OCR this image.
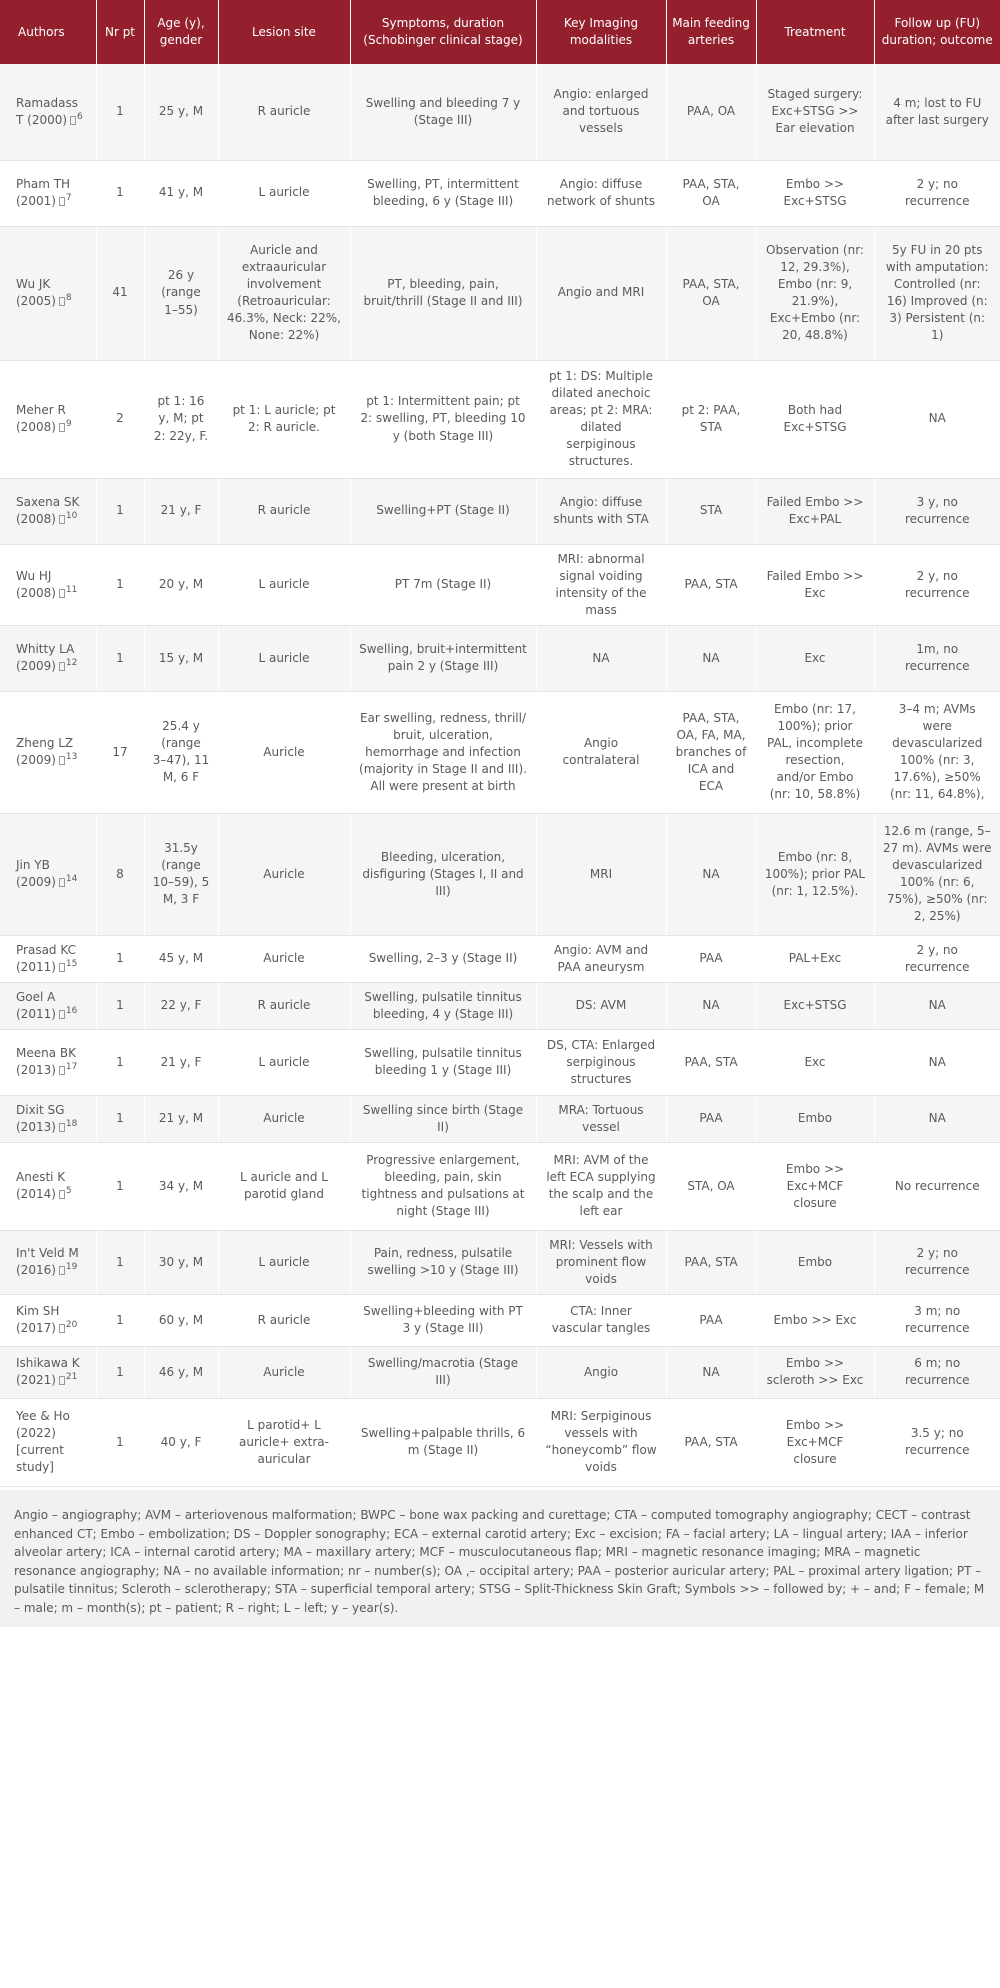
Authors	Nr pt	Age (y), gender	Lesion site	Symptoms, duration (Schobinger clinical stage)	Key Imaging modalities	Main feeding arteries	Treatment	Follow up (FU) duration; outcome
Ramadass T (2000) $^6$	1	25 y, M	R auricle	Swelling and bleeding 7 y (Stage III)	Angio: enlarged and tortuous vessels	PAA, OA	Staged surgery: Exc+STSG >> Ear elevation	4 m; lost to FU after last surgery
Pham TH (2001) $^7$	1	41 y, M	L auricle	Swelling, PT, intermittent bleeding, 6 y (Stage III)	Angio: diffuse network of shunts	PAA, STA, OA	Embo >> Exc+STSG	2 y; no recurrence
Wu JK (2005) $^8$	41	26 y (range 1–55)	Auricle and extraauricular involvement (Retroauricular: 46.3%, Neck: 22%, None: 22%)	PT, bleeding, pain, bruit/thrill (Stage II and III)	Angio and MRI	PAA, STA, OA	Observation (nr: 12, 29.3%), Embo (nr: 9, 21.9%), Exc+Embo (nr: 20, 48.8%)	5y FU in 20 pts with amputation: Controlled (nr: 16) Improved (n: 3) Persistent (n: 1)
Meher R (2008) $^9$	2	pt 1: 16 y, M; pt 2: 22y, F.	pt 1: L auricle; pt 2: R auricle.	pt 1: Intermittent pain; pt 2: swelling, PT, bleeding 10 y (both Stage III)	pt 1: DS: Multiple dilated anechoic areas; pt 2: MRA: dilated serpiginous structures.	pt 2: PAA, STA	Both had Exc+STSG	NA
Saxena SK (2008) $^{10}$	1	21 y, F	R auricle	Swelling+PT (Stage II)	Angio: diffuse shunts with STA	STA	Failed Embo >> Exc+PAL	3 y, no recurrence
Wu HJ (2008) $^{11}$	1	20 y, M	L auricle	PT 7m (Stage II)	MRI: abnormal signal voiding intensity of the mass	PAA, STA	Failed Embo >> Exc	2 y, no recurrence
Whitty LA (2009) $^{12}$	1	15 y, M	L auricle	Swelling, bruit+intermittent pain 2 y (Stage III)	NA	NA	Exc	1m, no recurrence
Zheng LZ (2009) $^{13}$	17	25.4 y (range 3–47), 11 M, 6 F	Auricle	Ear swelling, redness, thrill/ bruit, ulceration, hemorrhage and infection (majority in Stage II and III). All were present at birth	Angio contralateral	PAA, STA, OA, FA, MA, branches of ICA and ECA	Embo (nr: 17, 100%); prior PAL, incomplete resection, and/or Embo (nr: 10, 58.8%)	3–4 m; AVMs were devascularized 100% (nr: 3, 17.6%), ≥50% (nr: 11, 64.8%),
Jin YB (2009) $^{14}$	8	31.5y (range 10–59), 5 M, 3 F	Auricle	Bleeding, ulceration, disfiguring (Stages I, II and III)	MRI	NA	Embo (nr: 8, 100%); prior PAL (nr: 1, 12.5%).	12.6 m (range, 5–27 m). AVMs were devascularized 100% (nr: 6, 75%), ≥50% (nr: 2, 25%)
Prasad KC (2011) $^{15}$	1	45 y, M	Auricle	Swelling, 2–3 y (Stage II)	Angio: AVM and PAA aneurysm	PAA	PAL+Exc	2 y, no recurrence
Goel A (2011) $^{16}$	1	22 y, F	R auricle	Swelling, pulsatile tinnitus bleeding, 4 y (Stage III)	DS: AVM	NA	Exc+STSG	NA
Meena BK (2013) $^{17}$	1	21 y, F	L auricle	Swelling, pulsatile tinnitus bleeding 1 y (Stage III)	DS, CTA: Enlarged serpiginous structures	PAA, STA	Exc	NA
Dixit SG (2013) $^{18}$	1	21 y, M	Auricle	Swelling since birth (Stage II)	MRA: Tortuous vessel	PAA	Embo	NA
Anesti K (2014) $^5$	1	34 y, M	L auricle and L parotid gland	Progressive enlargement, bleeding, pain, skin tightness and pulsations at night (Stage III)	MRI: AVM of the left ECA supplying the scalp and the left ear	STA, OA	Embo >> Exc+MCF closure	No recurrence
In't Veld M (2016) $^{19}$	1	30 y, M	L auricle	Pain, redness, pulsatile swelling >10 y (Stage III)	MRI: Vessels with prominent flow voids	PAA, STA	Embo	2 y; no recurrence
Kim SH (2017) $^{20}$	1	60 y, M	R auricle	Swelling+bleeding with PT 3 y (Stage III)	CTA: Inner vascular tangles	PAA	Embo >> Exc	3 m; no recurrence
Ishikawa K (2021) $^{21}$	1	46 y, M	Auricle	Swelling/macrotia (Stage III)	Angio	NA	Embo >> scleroth >> Exc	6 m; no recurrence
Yee & Ho (2022) [current study]	1	40 y, F	L parotid+ L auricle+ extra-auricular	Swelling+palpable thrills, 6 m (Stage II)	MRI: Serpiginous vessels with “honeycomb” flow voids	PAA, STA	Embo >> Exc+MCF closure	3.5 y; no recurrence
Angio – angiography; AVM – arteriovenous malformation; BWPC – bone wax packing and curettage; CTA – computed tomography angiography; CECT – contrast enhanced CT; Embo – embolization; DS – Doppler sonography; ECA – external carotid artery; Exc – excision; FA – facial artery; LA – lingual artery; IAA – inferior alveolar artery; ICA – internal carotid artery; MA – maxillary artery; MCF – musculocutaneous flap; MRI – magnetic resonance imaging; MRA – magnetic resonance angiography; NA – no available information; nr – number(s); OA ,– occipital artery; PAA – posterior auricular artery; PAL – proximal artery ligation; PT – pulsatile tinnitus; Scleroth – sclerotherapy; STA – superficial temporal artery; STSG – Split-Thickness Skin Graft; Symbols >> – followed by; + – and; F – female; M – male; m – month(s); pt – patient; R – right; L – left; y – year(s).
